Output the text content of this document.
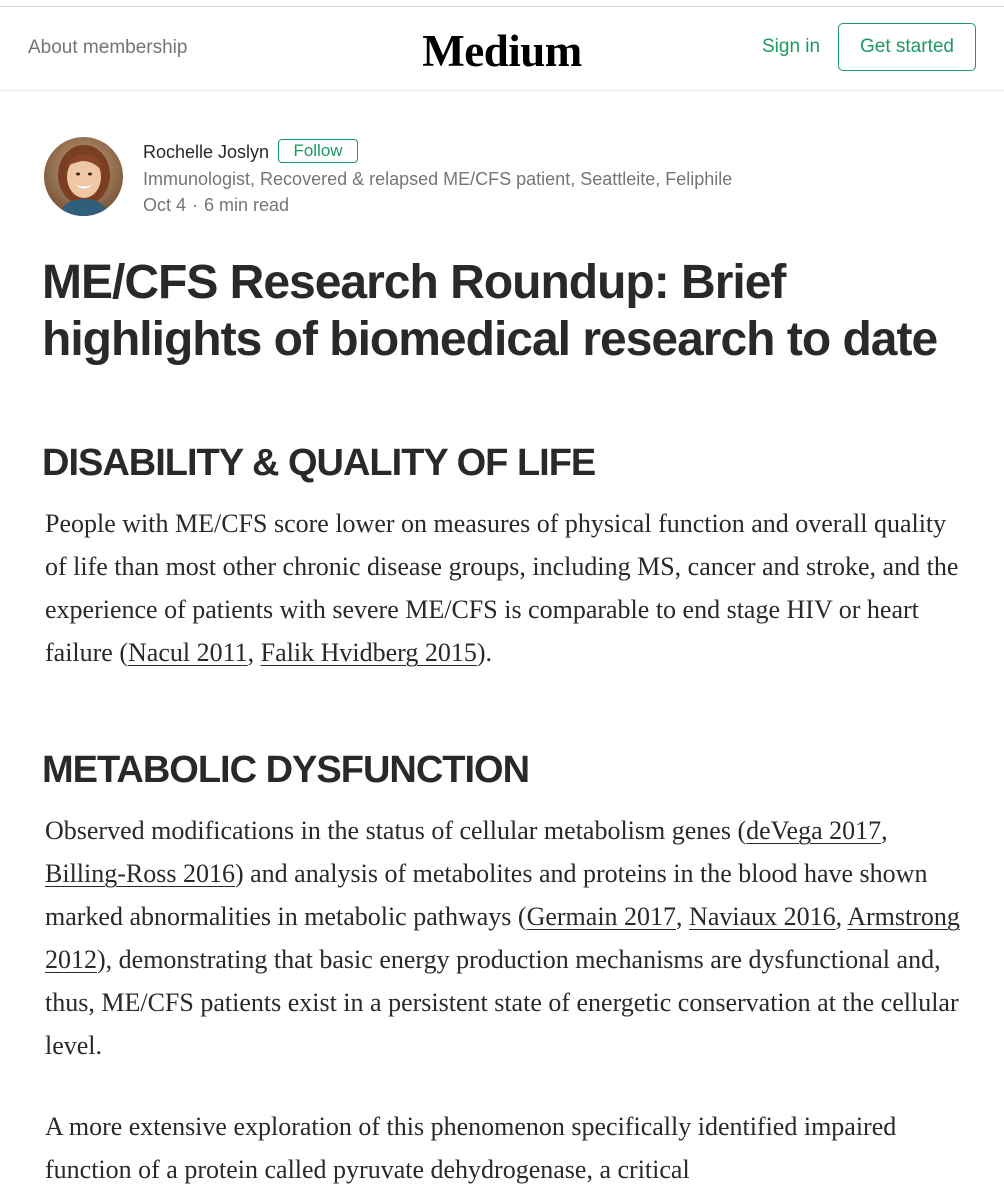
About membership	Medium	Sign in	Get started
Rochelle Joslyn	Follow
Immunologist, Recovered & relapsed ME/CFS patient, Seattleite, Feliphile
Oct 4 · 6 min read
ME/CFS Research Roundup: Brief highlights of biomedical research to date
DISABILITY & QUALITY OF LIFE

People with ME/CFS score lower on measures of physical function and overall quality of life than most other chronic disease groups, including MS, cancer and stroke, and the experience of patients with severe ME/CFS is comparable to end stage HIV or heart failure (Nacul 2011, Falik Hvidberg 2015).

METABOLIC DYSFUNCTION

Observed modifications in the status of cellular metabolism genes (deVega 2017, Billing-Ross 2016) and analysis of metabolites and proteins in the blood have shown marked abnormalities in metabolic pathways (Germain 2017, Naviaux 2016, Armstrong 2012), demonstrating that basic energy production mechanisms are dysfunctional and, thus, ME/CFS patients exist in a persistent state of energetic conservation at the cellular level.

A more extensive exploration of this phenomenon specifically identified impaired function of a protein called pyruvate dehydrogenase, a critical
